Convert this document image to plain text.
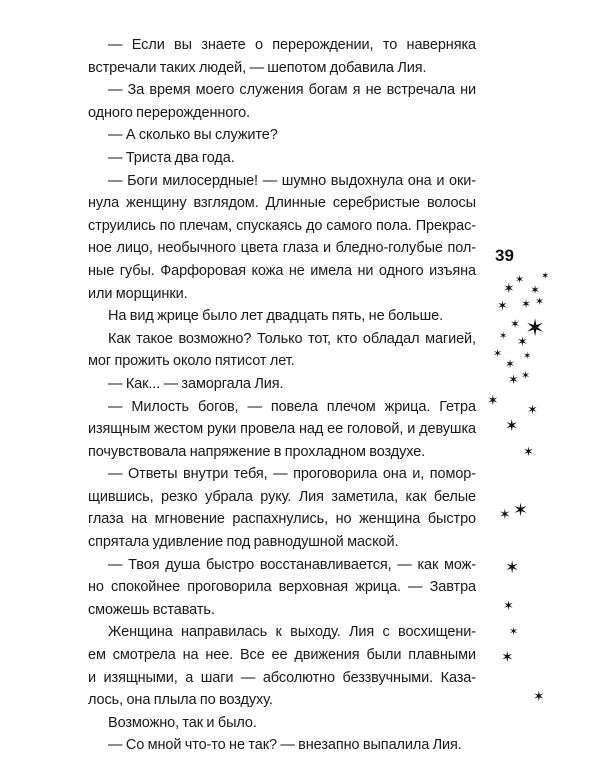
— Если вы знаете о перерождении, то наверняка
встречали таких людей, — шепотом добавила Лия.

— За время моего служения богам я не встречала ни
одного перерожденного.

— А сколько вы служите?

— Триста два года.

— Боги милосердные! — шумно выдохнула она и оки-
нула женщину взглядом. Длинные серебристые волосы
струились по плечам, спускаясь до самого пола. Прекрас-
ное лицо, необычного цвета глаза и бледно-голубые пол-
ные губы. Фарфоровая кожа не имела ни одного изъяна
или морщинки.

На вид жрице было лет двадцать пять, не больше.

Как такое возможно? Только тот, кто обладал магией,
мог прожить около пятисот лет.

— Как... — заморгала Лия.

— Милость богов, — повела плечом жрица. Гетра
изящным жестом руки провела над ее головой, и девушка
почувствовала напряжение в прохладном воздухе.

— Ответы внутри тебя, — проговорила она и, помор-
щившись, резко убрала руку. Лия заметила, как белые
глаза на мгновение распахнулись, но женщина быстро
спрятала удивление под равнодушной маской.

— Твоя душа быстро восстанавливается, — как мож-
но спокойнее проговорила верховная жрица. — Завтра
сможешь вставать.

Женщина направилась к выходу. Лия с восхищени-
ем смотрела на нее. Все ее движения были плавными
и изящными, а шаги — абсолютно беззвучными. Каза-
лось, она плыла по воздуху.

Возможно, так и было.

— Со мной что-то не так? — внезапно выпалила Лия.

39
✶
✶
✶
✶
✶ ✶ ✶
✶ ✶
✶ ✶
✶
✶
✶
✶ ✶
✶
✶
✶
✶
✶ ✶
✶
✶
✶
✶
✶
